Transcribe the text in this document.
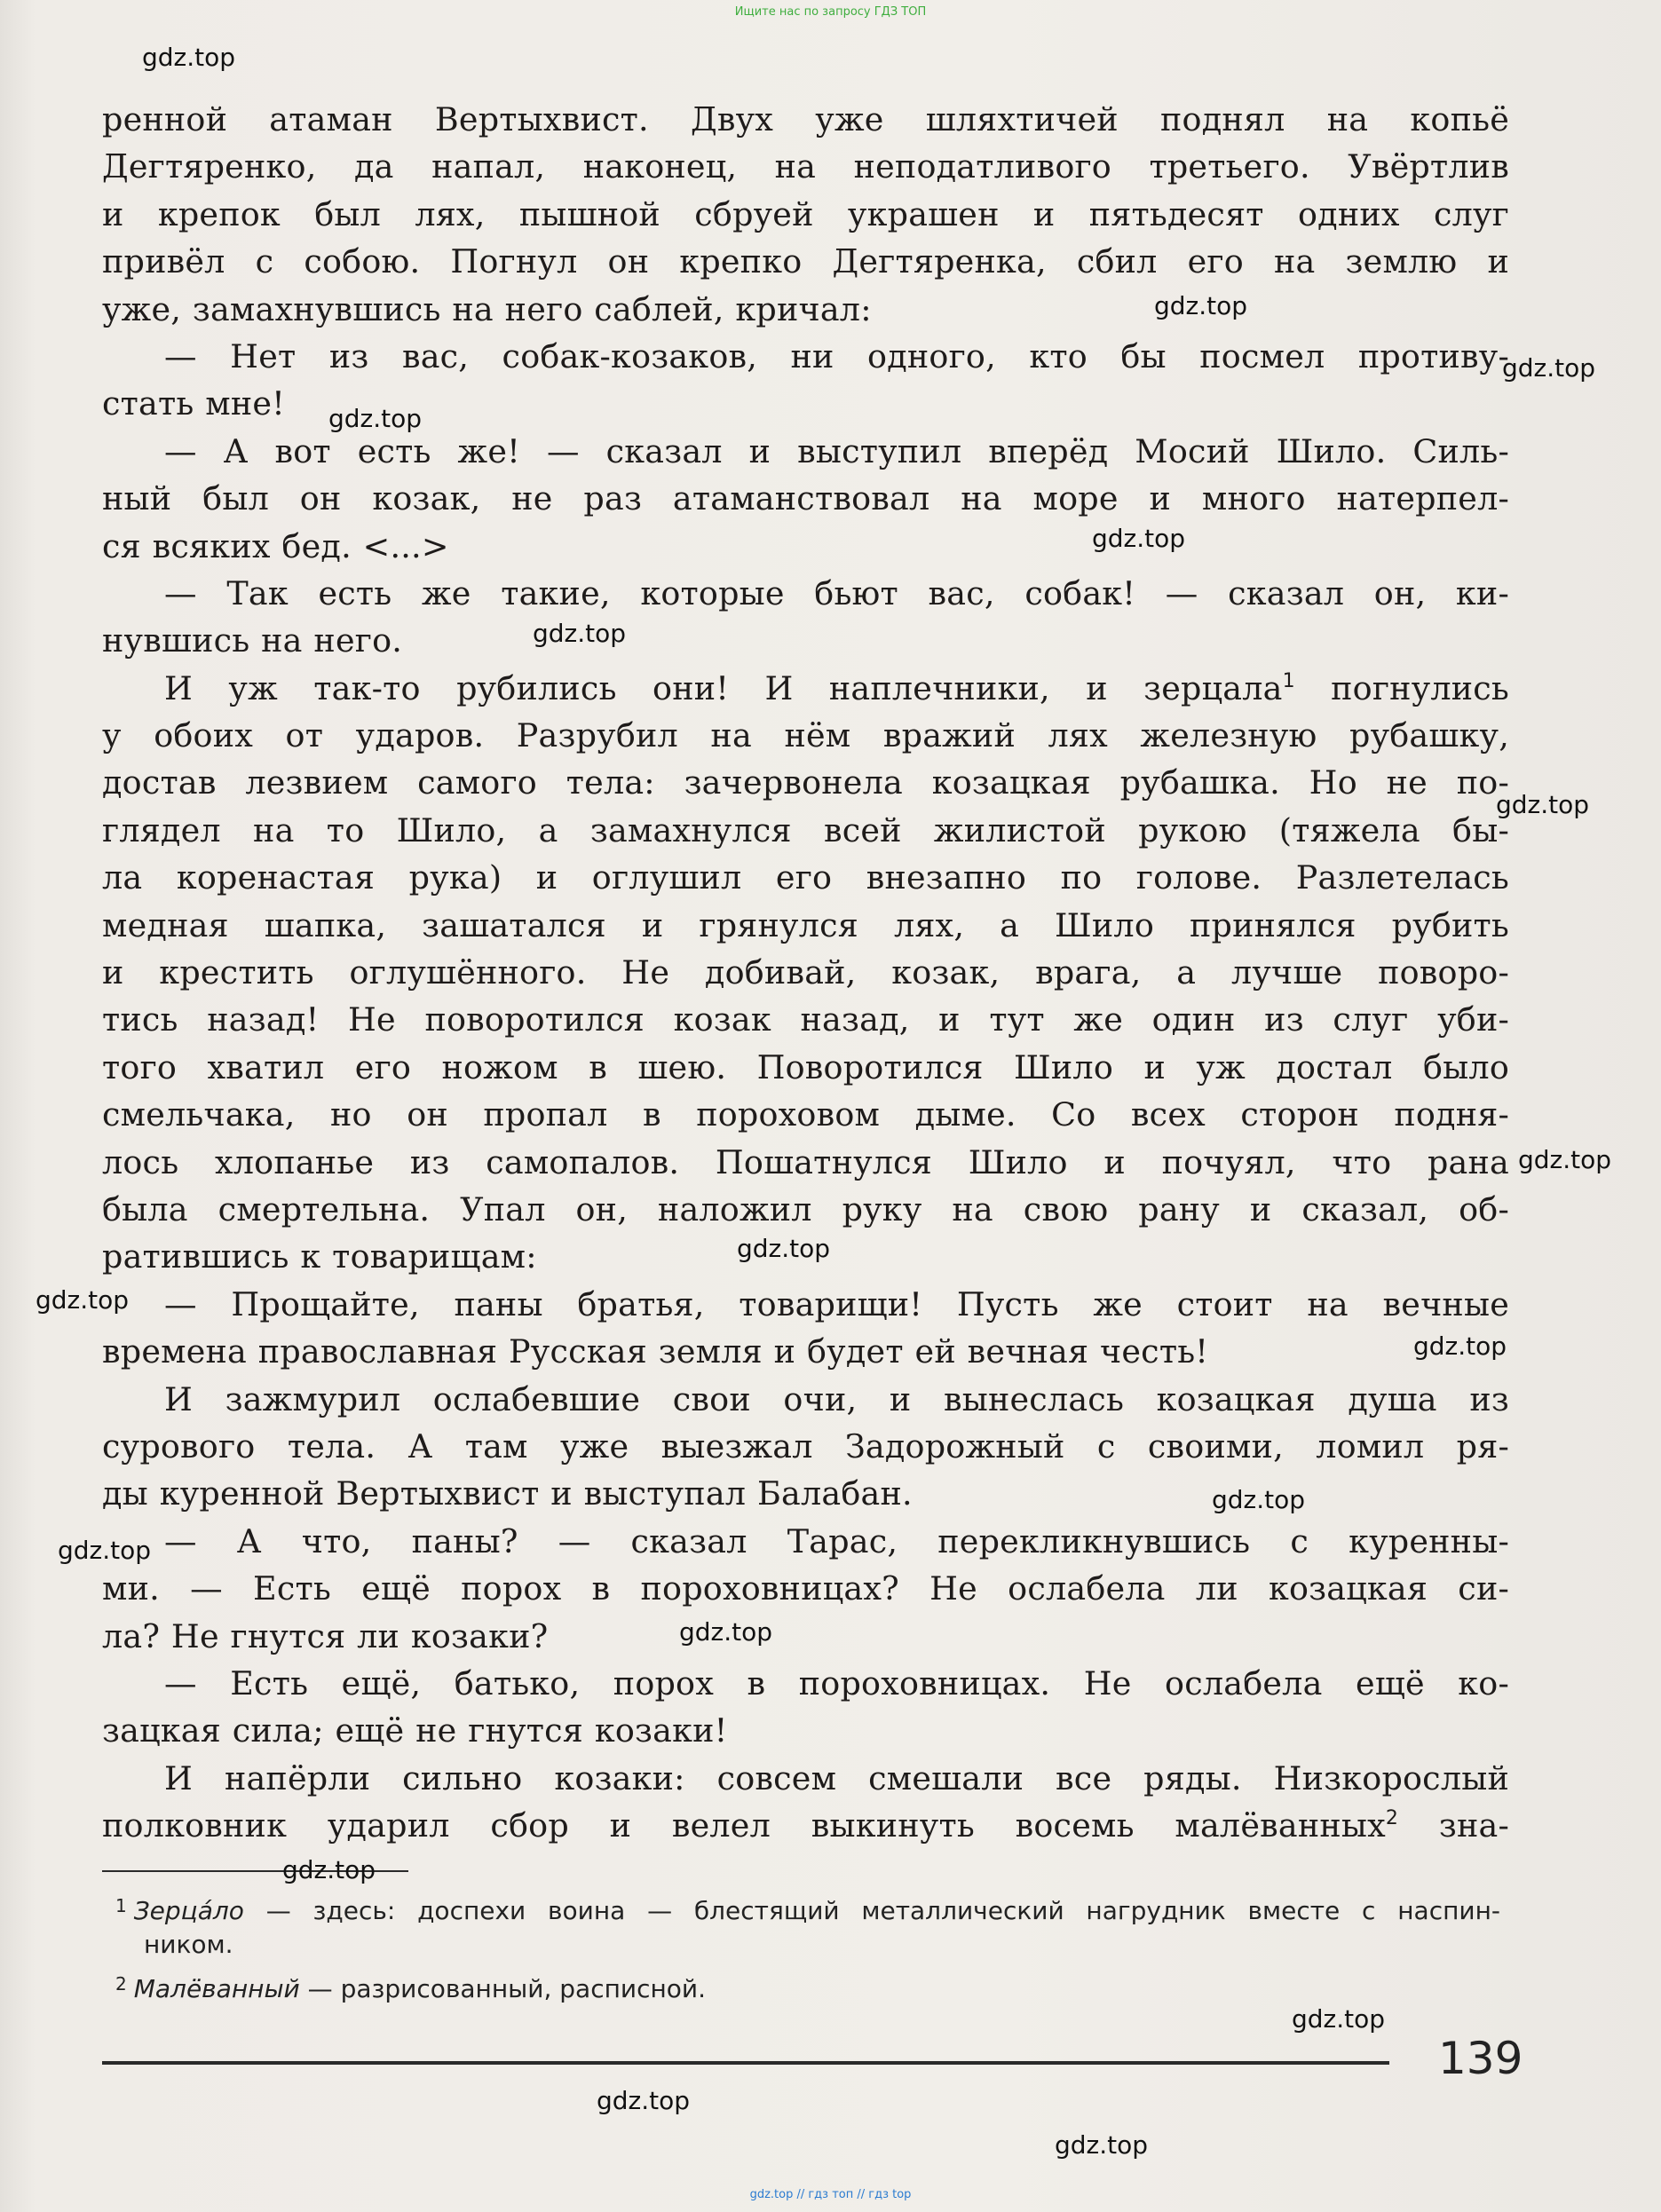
Ищите нас по запросу ГДЗ ТОП
ренной атаман Вертыхвист. Двух уже шляхтичей поднял на копьё
Дегтяренко, да напал, наконец, на неподатливого третьего. Увёртлив
и крепок был лях, пышной сбруей украшен и пятьдесят одних слуг
привёл с собою. Погнул он крепко Дегтяренка, сбил его на землю и
уже, замахнувшись на него саблей, кричал:
— Нет из вас, собак-козаков, ни одного, кто бы посмел противу-
стать мне!
— А вот есть же! — сказал и выступил вперёд Мосий Шило. Силь-
ный был он козак, не раз атаманствовал на море и много натерпел-
ся всяких бед. <...>
— Так есть же такие, которые бьют вас, собак! — сказал он, ки-
нувшись на него.
И уж так-то рубились они! И наплечники, и зерцала$^1$ погнулись
у обоих от ударов. Разрубил на нём вражий лях железную рубашку,
достав лезвием самого тела: зачервонела козацкая рубашка. Но не по-
глядел на то Шило, а замахнулся всей жилистой рукою (тяжела бы-
ла коренастая рука) и оглушил его внезапно по голове. Разлетелась
медная шапка, зашатался и грянулся лях, а Шило принялся рубить
и крестить оглушённого. Не добивай, козак, врага, а лучше поворо-
тись назад! Не поворотился козак назад, и тут же один из слуг уби-
того хватил его ножом в шею. Поворотился Шило и уж достал было
смельчака, но он пропал в пороховом дыме. Со всех сторон подня-
лось хлопанье из самопалов. Пошатнулся Шило и почуял, что рана
была смертельна. Упал он, наложил руку на свою рану и сказал, об-
ратившись к товарищам:
— Прощайте, паны братья, товарищи! Пусть же стоит на вечные
времена православная Русская земля и будет ей вечная честь!
И зажмурил ослабевшие свои очи, и вынеслась козацкая душа из
сурового тела. А там уже выезжал Задорожный с своими, ломил ря-
ды куренной Вертыхвист и выступал Балабан.
— А что, паны? — сказал Тарас, перекликнувшись с куренны-
ми. — Есть ещё порох в пороховницах? Не ослабела ли козацкая си-
ла? Не гнутся ли козаки?
— Есть ещё, батько, порох в пороховницах. Не ослабела ещё ко-
зацкая сила; ещё не гнутся козаки!
И напёрли сильно козаки: совсем смешали все ряды. Низкорослый
полковник ударил сбор и велел выкинуть восемь малёванных$^2$ зна-
$^1$ Зерца́ло — здесь: доспехи воина — блестящий металлический нагрудник вместе с наспин-
ником.
$^2$ Малёванный — разрисованный, расписной.
139
gdz.top
gdz.top
gdz.top
gdz.top
gdz.top
gdz.top
gdz.top
gdz.top
gdz.top
gdz.top
gdz.top
gdz.top
gdz.top
gdz.top
gdz.top
gdz.top
gdz.top
gdz.top
gdz.top // гдз топ // гдз top
